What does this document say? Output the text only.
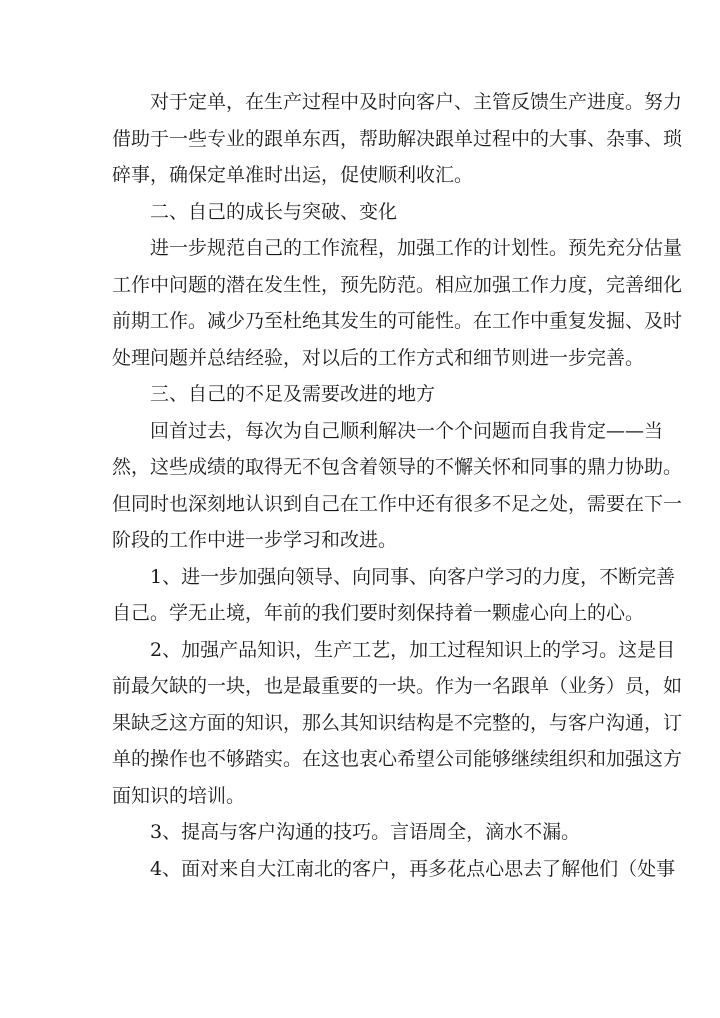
对于定单，在生产过程中及时向客户、主管反馈生产进度。努力
借助于一些专业的跟单东西，帮助解决跟单过程中的大事、杂事、琐
碎事，确保定单准时出运，促使顺利收汇。
二、自己的成长与突破、变化
进一步规范自己的工作流程，加强工作的计划性。预先充分估量
工作中问题的潜在发生性，预先防范。相应加强工作力度，完善细化
前期工作。减少乃至杜绝其发生的可能性。在工作中重复发掘、及时
处理问题并总结经验，对以后的工作方式和细节则进一步完善。
三、自己的不足及需要改进的地方
回首过去，每次为自己顺利解决一个个问题而自我肯定——当
然，这些成绩的取得无不包含着领导的不懈关怀和同事的鼎力协助。
但同时也深刻地认识到自己在工作中还有很多不足之处，需要在下一
阶段的工作中进一步学习和改进。
1、进一步加强向领导、向同事、向客户学习的力度，不断完善
自己。学无止境，年前的我们要时刻保持着一颗虚心向上的心。
2、加强产品知识，生产工艺，加工过程知识上的学习。这是目
前最欠缺的一块，也是最重要的一块。作为一名跟单（业务）员，如
果缺乏这方面的知识，那么其知识结构是不完整的，与客户沟通，订
单的操作也不够踏实。在这也衷心希望公司能够继续组织和加强这方
面知识的培训。
3、提高与客户沟通的技巧。言语周全，滴水不漏。
4、面对来自大江南北的客户，再多花点心思去了解他们（处事
